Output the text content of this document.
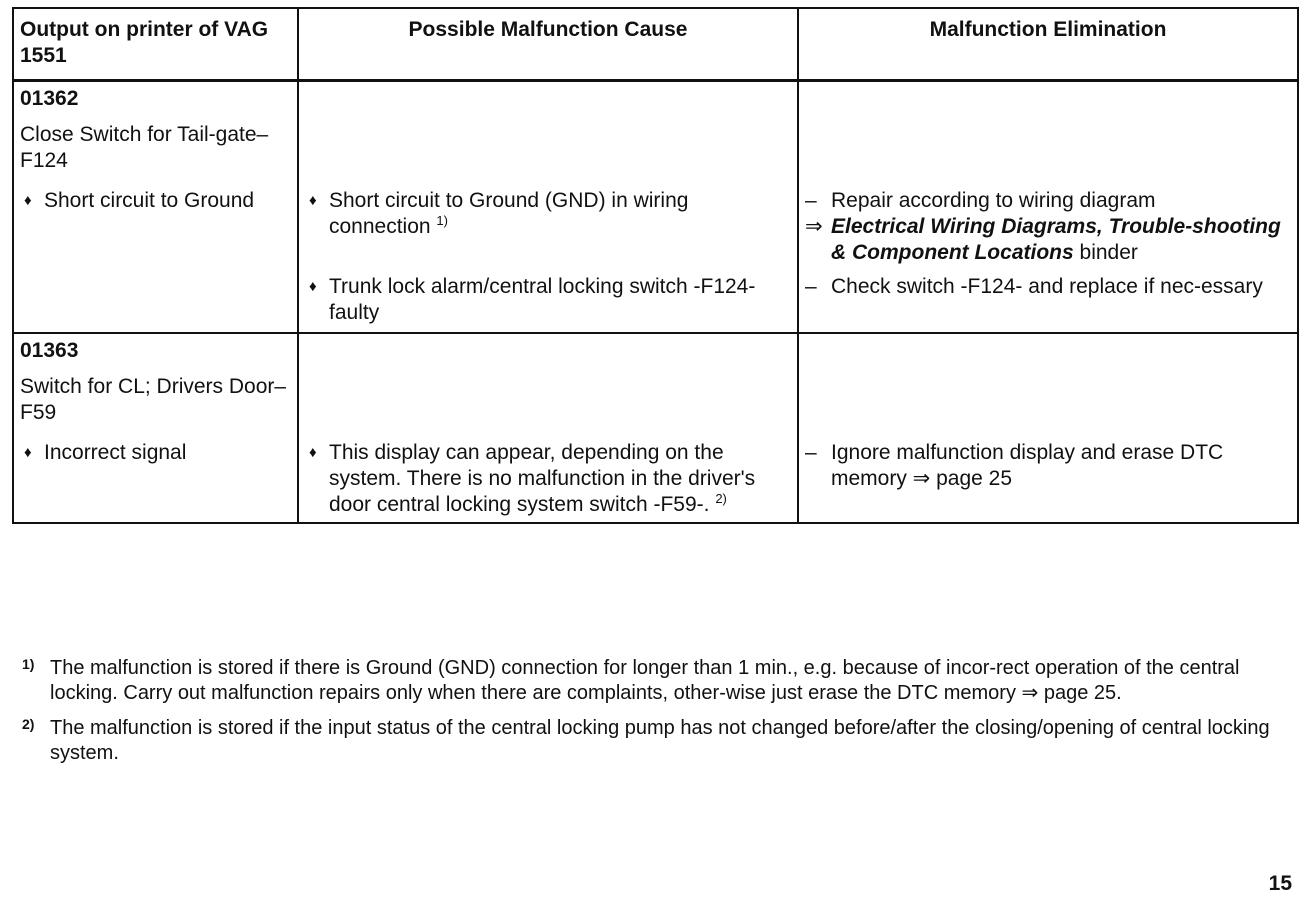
Output on printer of VAG 1551	Possible Malfunction Cause	Malfunction Elimination

01362
Close Switch for Tail-gate–F124		

♦ Short circuit to Ground	♦ Short circuit to Ground (GND) in wiring connection $^{1)}$	– Repair according to wiring diagram
⇒ Electrical Wiring Diagrams, Trouble-shooting & Component Locations binder

	♦ Trunk lock alarm/central locking switch -F124- faulty	– Check switch -F124- and replace if nec-essary

01363
Switch for CL; Drivers Door–F59		

♦ Incorrect signal	♦ This display can appear, depending on the system. There is no malfunction in the driver's door central locking system switch -F59-. $^{2)}$	– Ignore malfunction display and erase DTC memory ⇒ page 25
1) The malfunction is stored if there is Ground (GND) connection for longer than 1 min., e.g. because of incor-rect operation of the central locking. Carry out malfunction repairs only when there are complaints, other-wise just erase the DTC memory ⇒ page 25.
2) The malfunction is stored if the input status of the central locking pump has not changed before/after the closing/opening of central locking system.
15
